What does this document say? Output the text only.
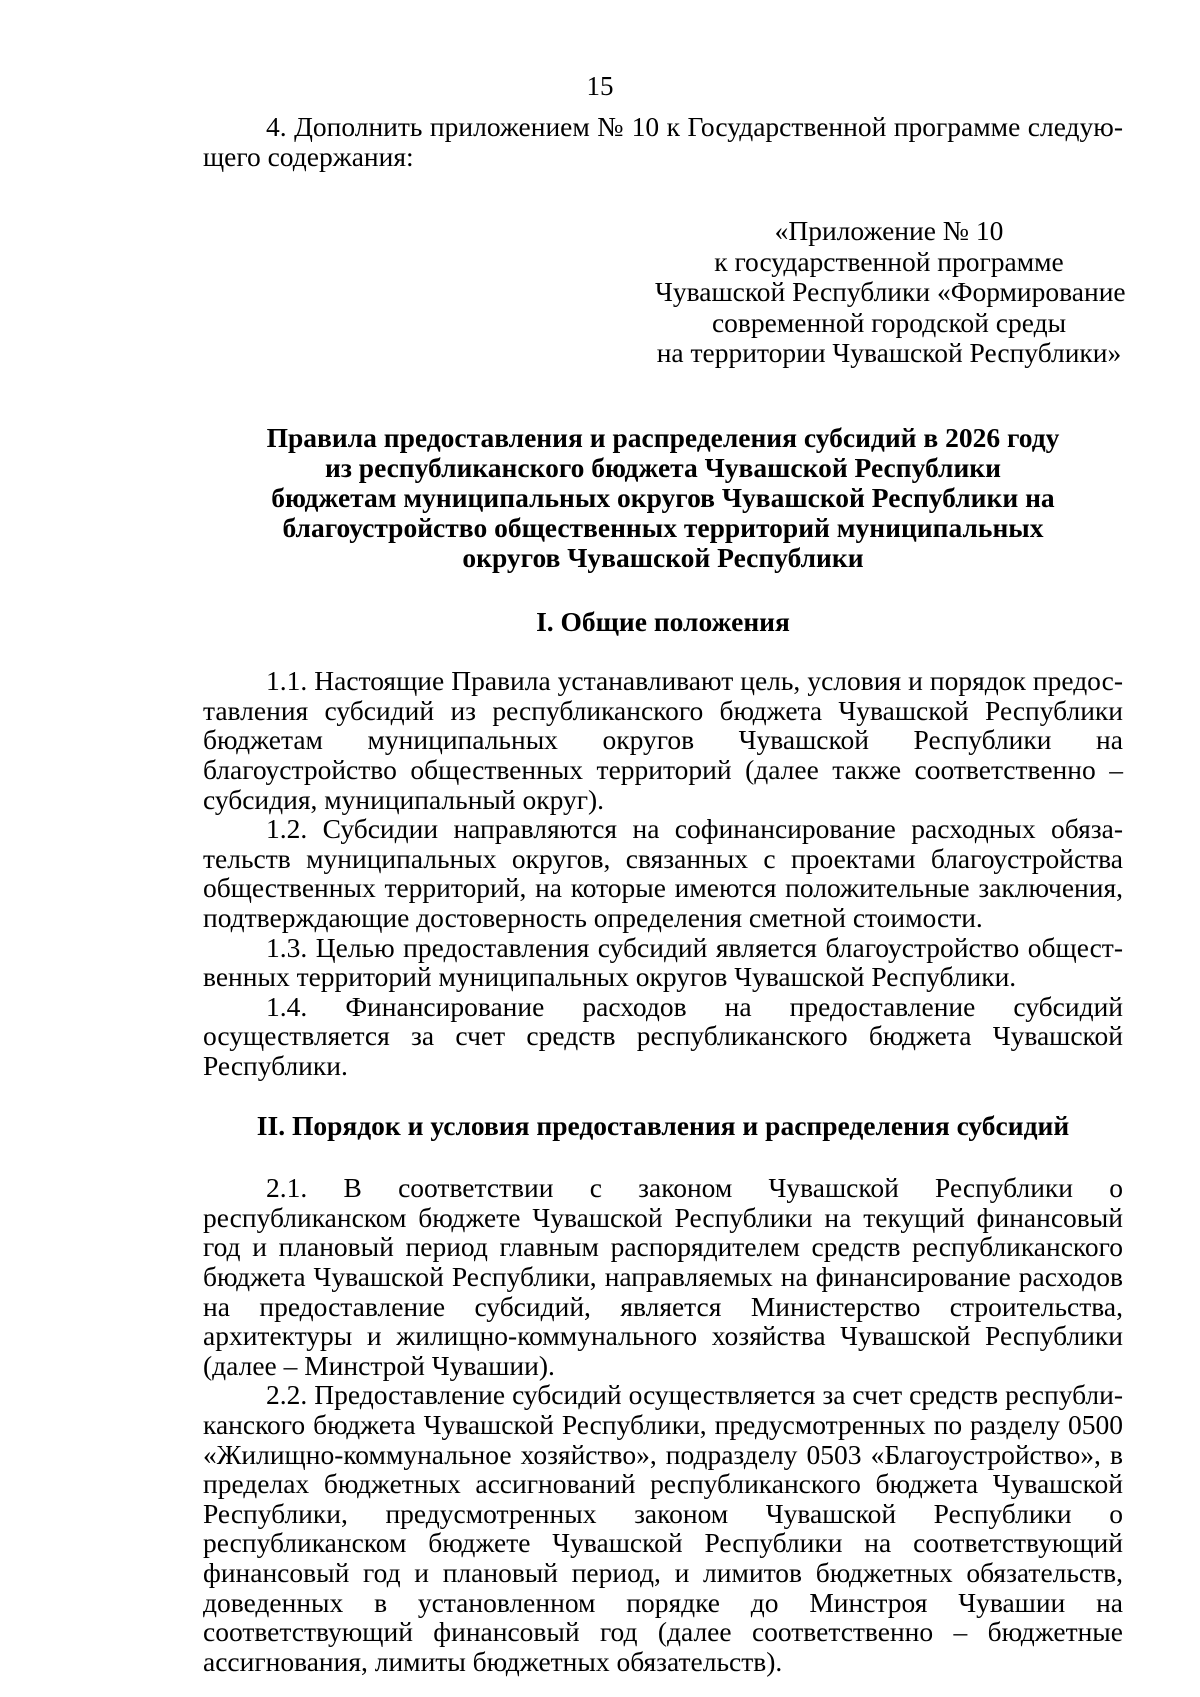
15

4. Дополнить приложением № 10 к Государственной программе следующего содержания:

«Приложение № 10
к государственной программе
Чувашской Республики «Формирование
современной городской среды
на территории Чувашской Республики»
Правила предоставления и распределения субсидий в 2026 году
из республиканского бюджета Чувашской Республики
бюджетам муниципальных округов Чувашской Республики на
благоустройство общественных территорий муниципальных
округов Чувашской Республики
I. Общие положения

1.1. Настоящие Правила устанавливают цель, условия и порядок предоставления субсидий из республиканского бюджета Чувашской Республики бюджетам муниципальных округов Чувашской Республики на благоустройство общественных территорий (далее также соответственно – субсидия, муниципальный округ).

1.2. Субсидии направляются на софинансирование расходных обязательств муниципальных округов, связанных с проектами благоустройства общественных территорий, на которые имеются положительные заключения, подтверждающие достоверность определения сметной стоимости.

1.3. Целью предоставления субсидий является благоустройство общественных территорий муниципальных округов Чувашской Республики.

1.4. Финансирование расходов на предоставление субсидий осуществляется за счет средств республиканского бюджета Чувашской Республики.

II. Порядок и условия предоставления и распределения субсидий

2.1. В соответствии с законом Чувашской Республики о республиканском бюджете Чувашской Республики на текущий финансовый год и плановый период главным распорядителем средств республиканского бюджета Чувашской Республики, направляемых на финансирование расходов на предоставление субсидий, является Министерство строительства, архитектуры и жилищно-коммунального хозяйства Чувашской Республики (далее – Минстрой Чувашии).

2.2. Предоставление субсидий осуществляется за счет средств республиканского бюджета Чувашской Республики, предусмотренных по разделу 0500 «Жилищно-коммунальное хозяйство», подразделу 0503 «Благоустройство», в пределах бюджетных ассигнований республиканского бюджета Чувашской Республики, предусмотренных законом Чувашской Республики о республиканском бюджете Чувашской Республики на соответствующий финансовый год и плановый период, и лимитов бюджетных обязательств, доведенных в установленном порядке до Минстроя Чувашии на соответствующий финансовый год (далее соответственно – бюджетные ассигнования, лимиты бюджетных обязательств).
